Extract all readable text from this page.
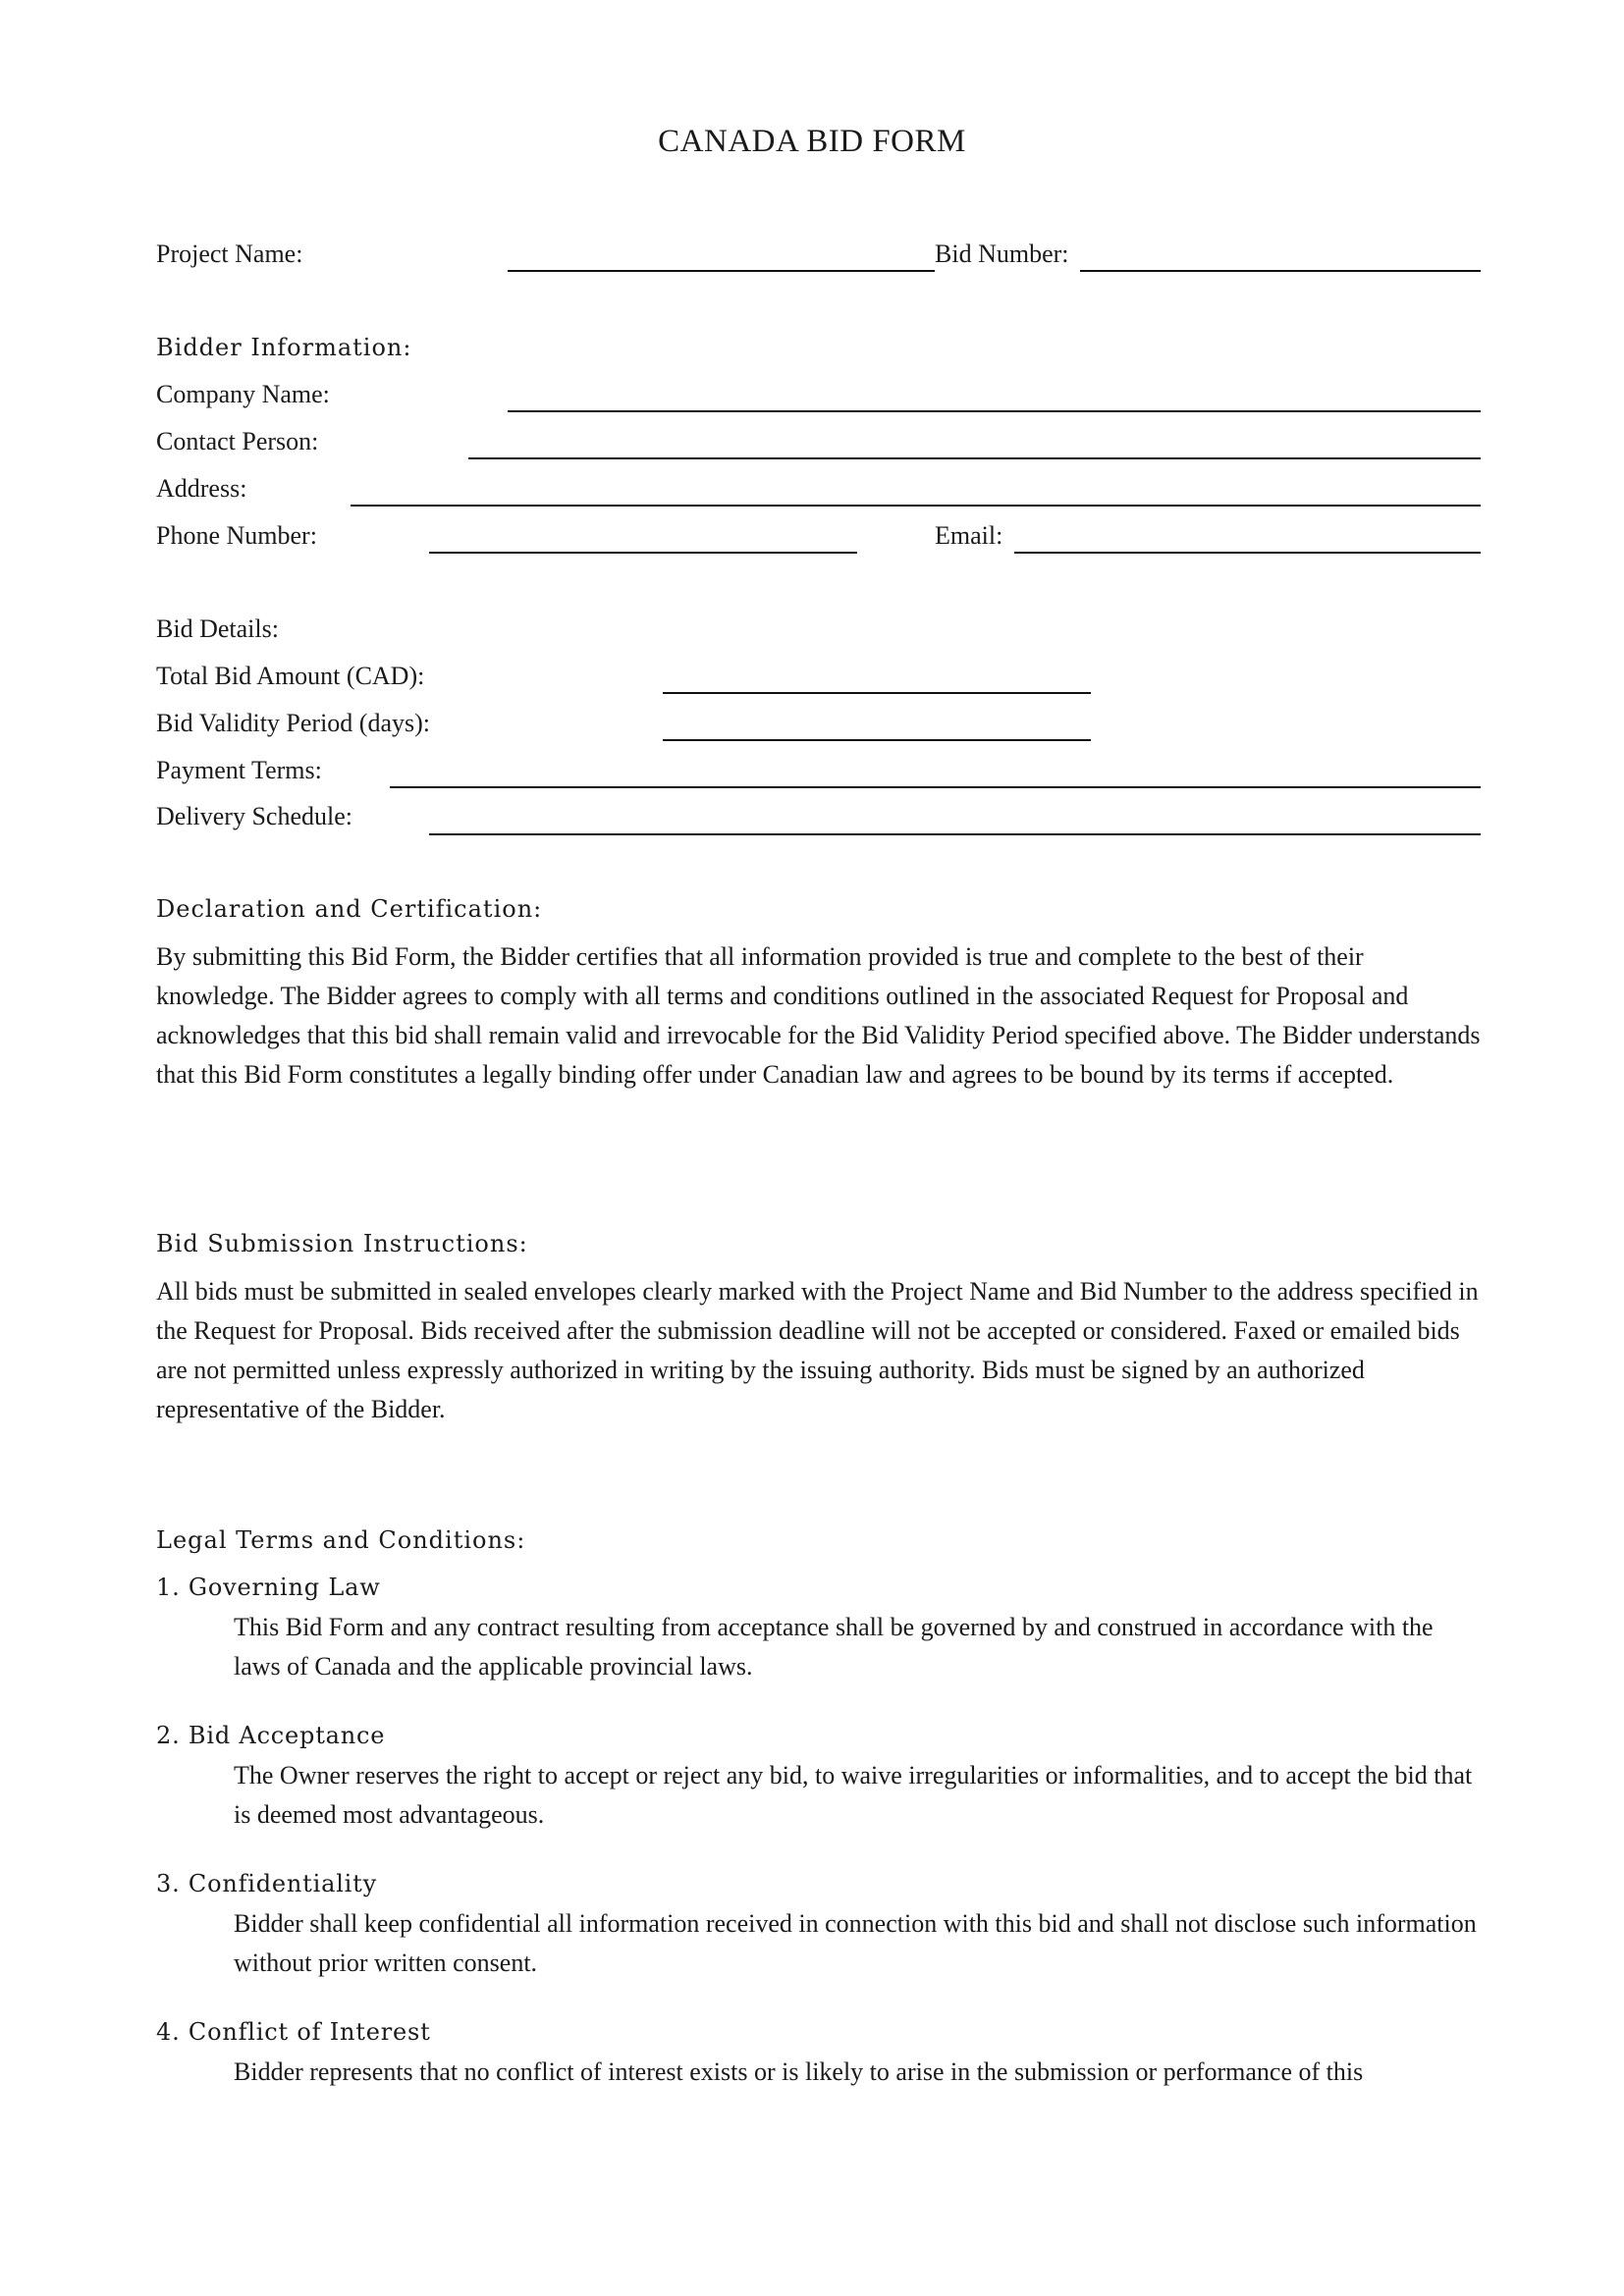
CANADA BID FORM
Project Name:	Bid Number:
Bidder Information:
Company Name:
Contact Person:
Address:
Phone Number:	Email:
Bid Details:
Total Bid Amount (CAD):
Bid Validity Period (days):
Payment Terms:
Delivery Schedule:
Declaration and Certification:

By submitting this Bid Form, the Bidder certifies that all information provided is true and complete to the best of their knowledge. The Bidder agrees to comply with all terms and conditions outlined in the associated Request for Proposal and acknowledges that this bid shall remain valid and irrevocable for the Bid Validity Period specified above. The Bidder understands that this Bid Form constitutes a legally binding offer under Canadian law and agrees to be bound by its terms if accepted.

Bid Submission Instructions:

All bids must be submitted in sealed envelopes clearly marked with the Project Name and Bid Number to the address specified in the Request for Proposal. Bids received after the submission deadline will not be accepted or considered. Faxed or emailed bids are not permitted unless expressly authorized in writing by the issuing authority. Bids must be signed by an authorized representative of the Bidder.

Legal Terms and Conditions:
1. Governing Law

This Bid Form and any contract resulting from acceptance shall be governed by and construed in accordance with the laws of Canada and the applicable provincial laws.

2. Bid Acceptance

The Owner reserves the right to accept or reject any bid, to waive irregularities or informalities, and to accept the bid that is deemed most advantageous.

3. Confidentiality

Bidder shall keep confidential all information received in connection with this bid and shall not disclose such information without prior written consent.

4. Conflict of Interest

Bidder represents that no conflict of interest exists or is likely to arise in the submission or performance of this
